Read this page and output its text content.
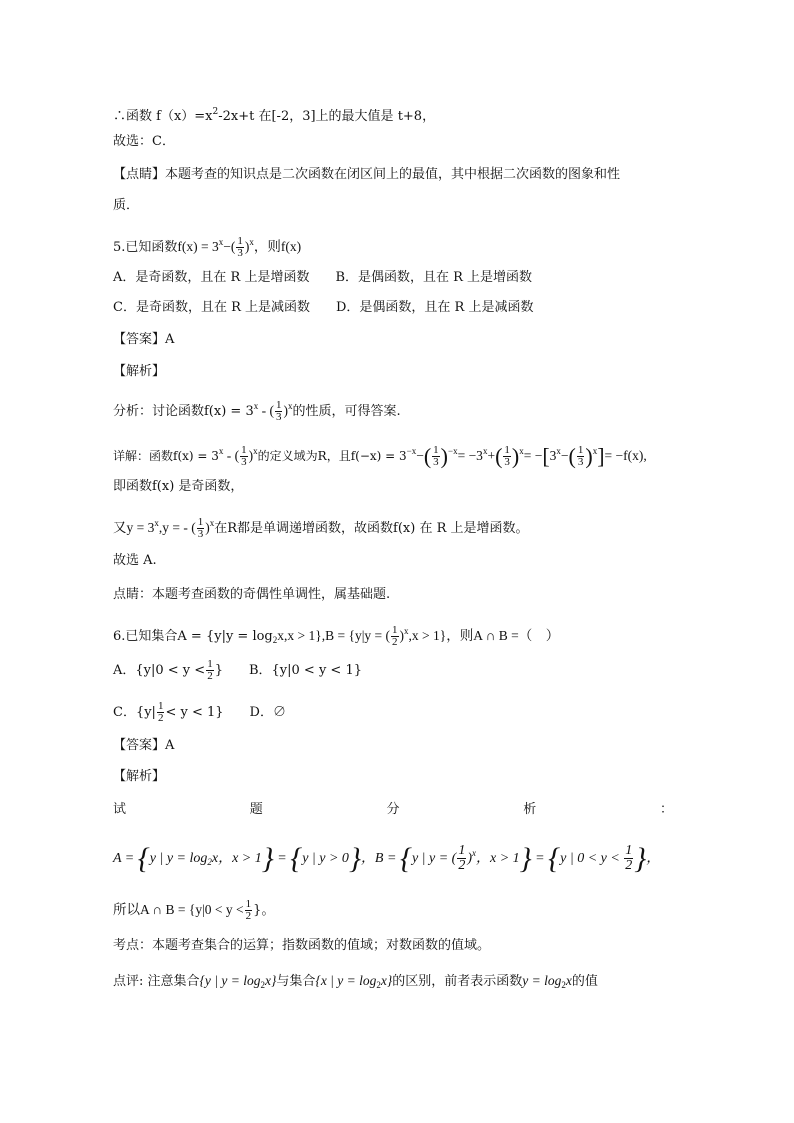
∴函数 $f(x)=x^2-2x+t$ 在[-2，3]上的最大值是 t+8，
故选：C．
【点睛】本题考查的知识点是二次函数在闭区间上的最值，其中根据二次函数的图象和性
质．
5.已知函数$f(x) = 3^x-( \frac{1}{3} )^x$，则f(x)
A．是奇函数，且在 R 上是增函数 B．是偶函数，且在 R 上是增函数
C．是奇函数，且在 R 上是减函数 D．是偶函数，且在 R 上是减函数
【答案】A
【解析】
分析：讨论函数$f(x) = 3^x$ - ( $\frac{1}{3} )^x$的性质，可得答案.
详解：函数$f(x) = 3^x$ - ( $\frac{1}{3} )^x$的定义域为R，且$f(-x) = 3^{-x}-( \frac{1}{3} )^{-x}= -3^x+( \frac{1}{3} )^x= -[3^x-( \frac{1}{3} )^x]= -f(x)$,
即函数f(x) 是奇函数，
又$y = 3^x,y$ = - ( $\frac{1}{3} )^x$在R都是单调递增函数，故函数f(x) 在 R 上是增函数。
故选 A.
点睛：本题考查函数的奇偶性单调性，属基础题.
6.已知集合$A = \{y|y = \log_2x,x > 1\},B = \{y|y$ = ( $\frac{1}{2} )^x,x > 1$}，则A ∩ B =（　）
A．{$y|0 < y < \frac{1}{2}$ } B．{y|0 < y < 1}
C．$\{y| \frac{1}{2} < y < 1\}$ D．∅
【答案】A
【解析】
试	题	分	析	：
A = {y | $y = \log_2x$，x > 1} = {y | y > 0}，B = {y | y = ( $\frac{1}{2} )^x$，x > 1} = {y | $0 < y < \frac{1}{2}$ }，
所以A ∩ $B = \{y|0 < y < \frac{1}{2}$ }。
考点：本题考查集合的运算；指数函数的值域；对数函数的值域。
点评: 注意集合{y | $y = \log_2x$}与集合{x | $y = \log_2x$}的区别，前者表示函数$y = \log_2x$的值
